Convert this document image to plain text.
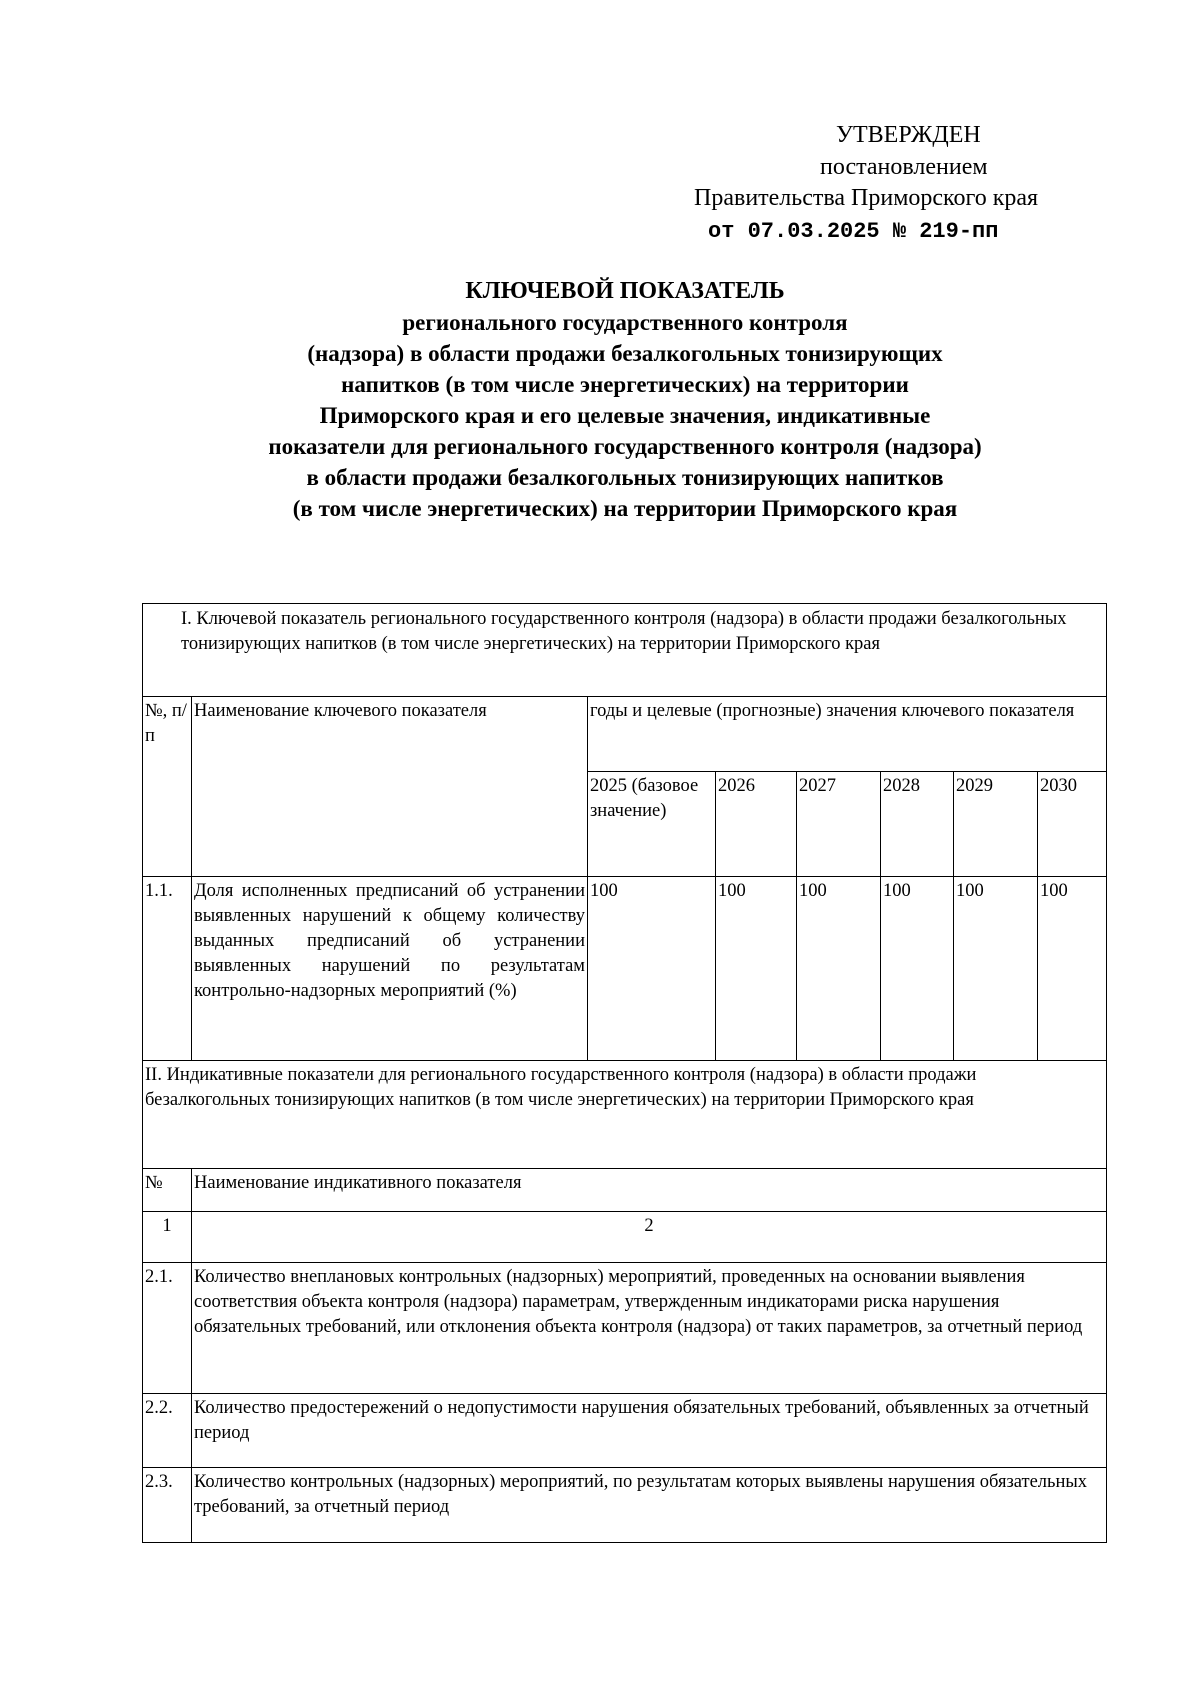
УТВЕРЖДЕН
постановлением
Правительства Приморского края
от 07.03.2025 № 219-пп
КЛЮЧЕВОЙ ПОКАЗАТЕЛЬ
регионального государственного контроля
(надзора) в области продажи безалкогольных тонизирующих
напитков (в том числе энергетических) на территории
Приморского края и его целевые значения, индикативные
показатели для регионального государственного контроля (надзора)
в области продажи безалкогольных тонизирующих напитков
(в том числе энергетических) на территории Приморского края
I. Ключевой показатель регионального государственного контроля (надзора) в области продажи безалкогольных тонизирующих напитков (в том числе энергетических) на территории Приморского края							
№, п/п	Наименование ключевого показателя	годы и целевые (прогнозные) значения ключевого показателя					
		2025 (базовое значение)	2026	2027	2028	2029	2030
1.1.	Доля исполненных предписаний об устранении выявленных нарушений к общему количеству выданных предписаний об устранении выявленных нарушений по результатам контрольно-надзорных мероприятий (%)	100	100	100	100	100	100
II. Индикативные показатели для регионального государственного контроля (надзора) в области продажи безалкогольных тонизирующих напитков (в том числе энергетических) на территории Приморского края							
№	Наименование индикативного показателя						
1	2						
2.1.	Количество внеплановых контрольных (надзорных) мероприятий, проведенных на основании выявления соответствия объекта контроля (надзора) параметрам, утвержденным индикаторами риска нарушения обязательных требований, или отклонения объекта контроля (надзора) от таких параметров, за отчетный период						
2.2.	Количество предостережений о недопустимости нарушения обязательных требований, объявленных за отчетный период						
2.3.	Количество контрольных (надзорных) мероприятий, по результатам которых выявлены нарушения обязательных требований, за отчетный период						
